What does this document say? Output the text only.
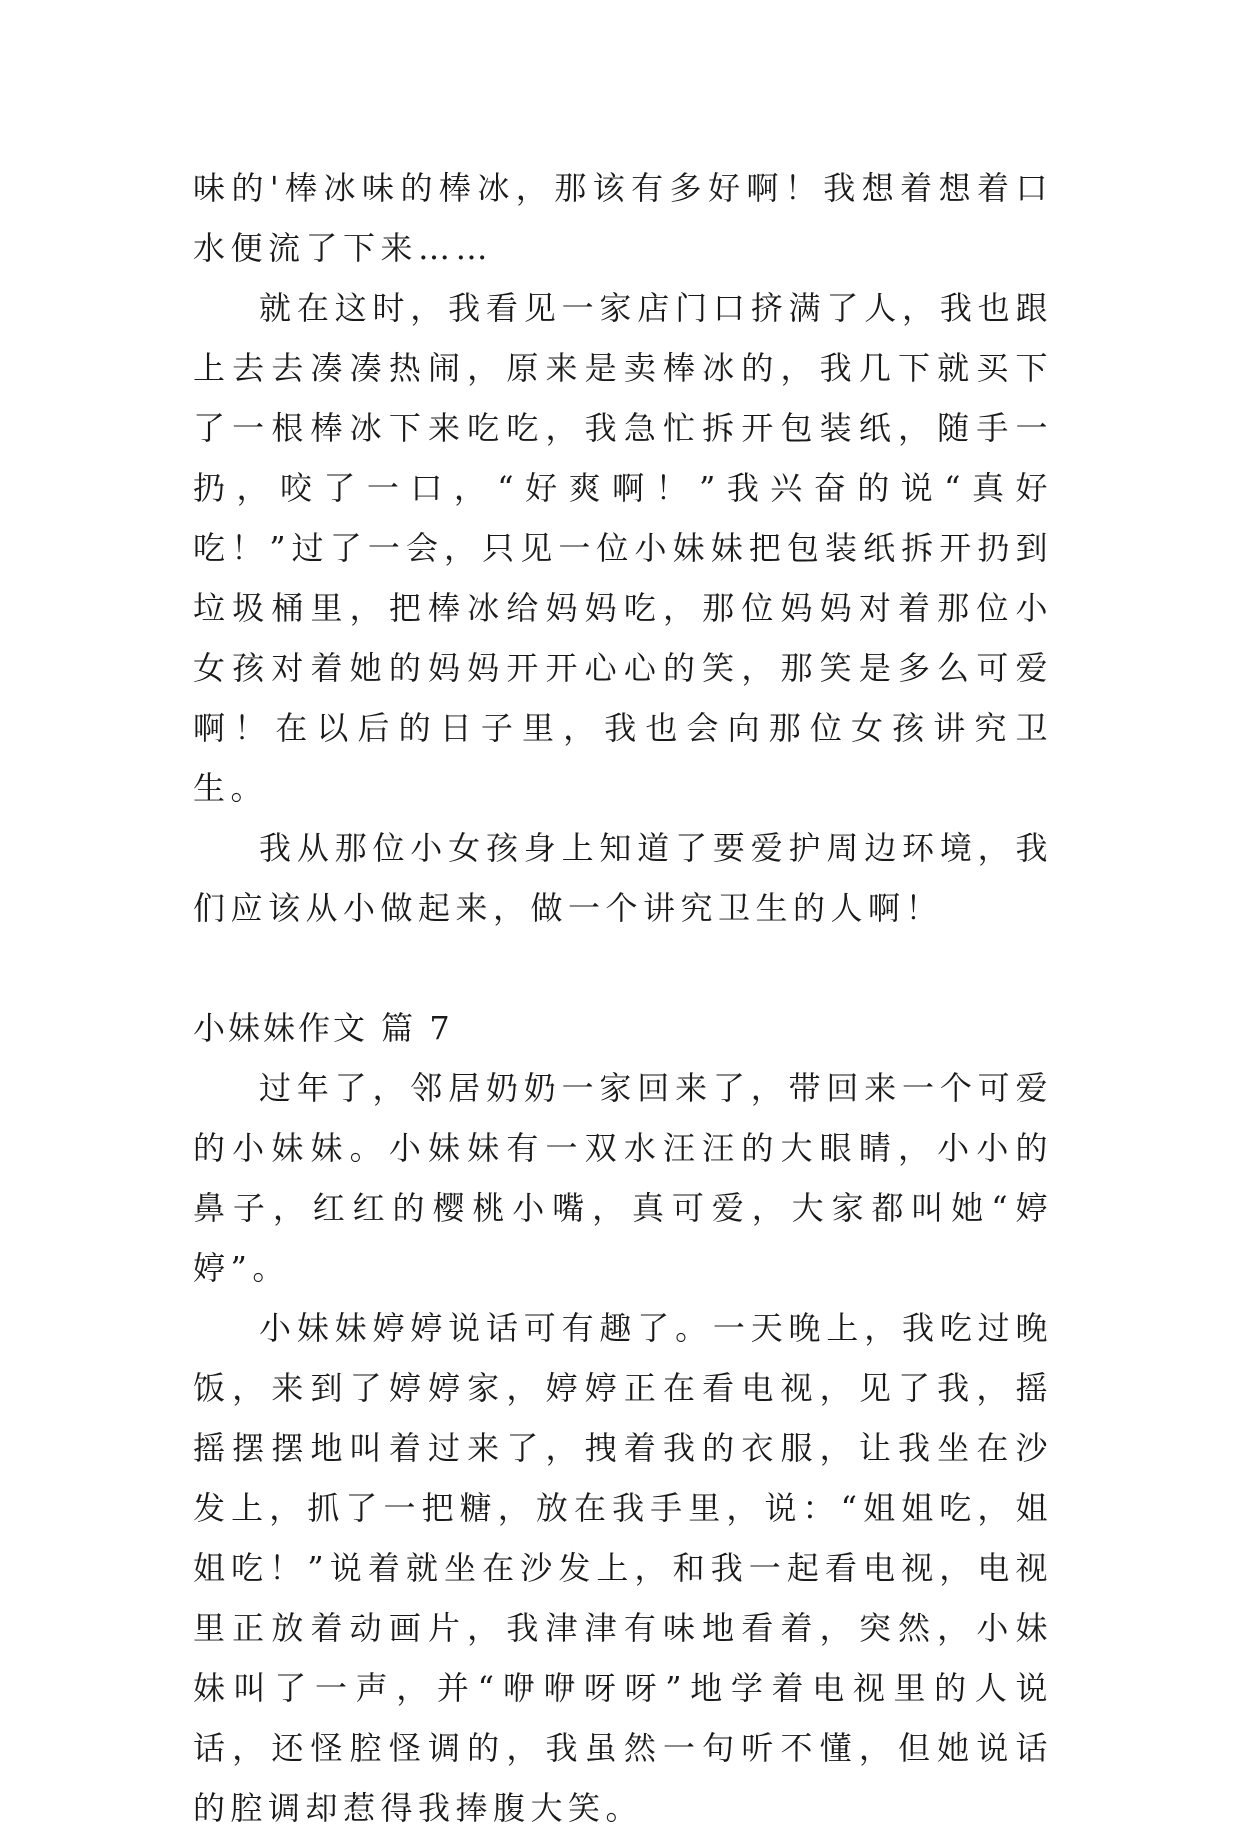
味的'棒冰味的棒冰，那该有多好啊！我想着想着口水便流了下来……

就在这时，我看见一家店门口挤满了人，我也跟上去去凑凑热闹，原来是卖棒冰的，我几下就买下了一根棒冰下来吃吃，我急忙拆开包装纸，随手一扔，咬了一口，“好爽啊！”我兴奋的说“真好吃！”过了一会，只见一位小妹妹把包装纸拆开扔到垃圾桶里，把棒冰给妈妈吃，那位妈妈对着那位小女孩对着她的妈妈开开心心的笑，那笑是多么可爱啊！在以后的日子里，我也会向那位女孩讲究卫生。

我从那位小女孩身上知道了要爱护周边环境，我们应该从小做起来，做一个讲究卫生的人啊！

小妹妹作文 篇 7

过年了，邻居奶奶一家回来了，带回来一个可爱的小妹妹。小妹妹有一双水汪汪的大眼睛，小小的鼻子，红红的樱桃小嘴，真可爱，大家都叫她“婷婷”。

小妹妹婷婷说话可有趣了。一天晚上，我吃过晚饭，来到了婷婷家，婷婷正在看电视，见了我，摇摇摆摆地叫着过来了，拽着我的衣服，让我坐在沙发上，抓了一把糖，放在我手里，说：“姐姐吃，姐姐吃！”说着就坐在沙发上，和我一起看电视，电视里正放着动画片，我津津有味地看着，突然，小妹妹叫了一声，并“咿咿呀呀”地学着电视里的人说话，还怪腔怪调的，我虽然一句听不懂，但她说话的腔调却惹得我捧腹大笑。
